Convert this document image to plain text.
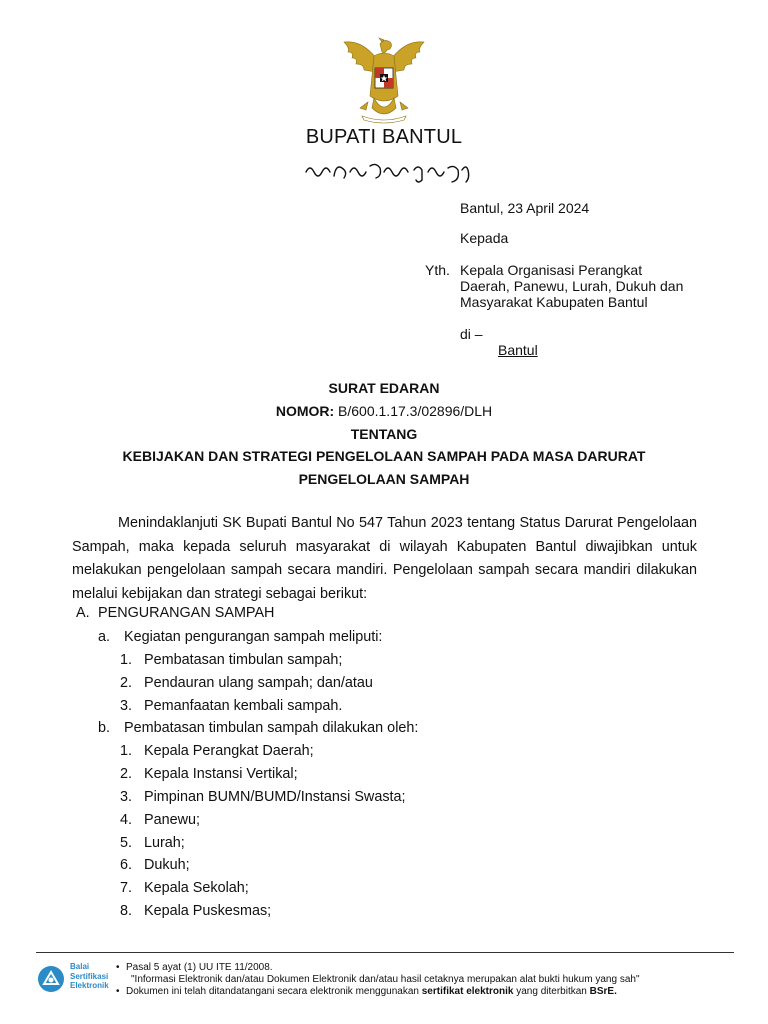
BUPATI BANTUL
Bantul, 23 April 2024
Kepada
Yth. Kepala Organisasi Perangkat
Daerah, Panewu, Lurah, Dukuh dan
Masyarakat Kabupaten Bantul
di –
Bantul
SURAT EDARAN
NOMOR: B/600.1.17.3/02896/DLH
TENTANG
KEBIJAKAN DAN STRATEGI PENGELOLAAN SAMPAH PADA MASA DARURAT
PENGELOLAAN SAMPAH
Menindaklanjuti SK Bupati Bantul No 547 Tahun 2023 tentang Status Darurat Pengelolaan Sampah, maka kepada seluruh masyarakat di wilayah Kabupaten Bantul diwajibkan untuk melakukan pengelolaan sampah secara mandiri. Pengelolaan sampah secara mandiri dilakukan melalui kebijakan dan strategi sebagai berikut:
A. PENGURANGAN SAMPAH
a. Kegiatan pengurangan sampah meliputi:
1. Pembatasan timbulan sampah;
2. Pendauran ulang sampah; dan/atau
3. Pemanfaatan kembali sampah.
b. Pembatasan timbulan sampah dilakukan oleh:
1. Kepala Perangkat Daerah;
2. Kepala Instansi Vertikal;
3. Pimpinan BUMN/BUMD/Instansi Swasta;
4. Panewu;
5. Lurah;
6. Dukuh;
7. Kepala Sekolah;
8. Kepala Puskesmas;
Balai
Sertifikasi
Elektronik
• Pasal 5 ayat (1) UU ITE 11/2008.
"Informasi Elektronik dan/atau Dokumen Elektronik dan/atau hasil cetaknya merupakan alat bukti hukum yang sah"
• Dokumen ini telah ditandatangani secara elektronik menggunakan sertifikat elektronik yang diterbitkan BSrE.
